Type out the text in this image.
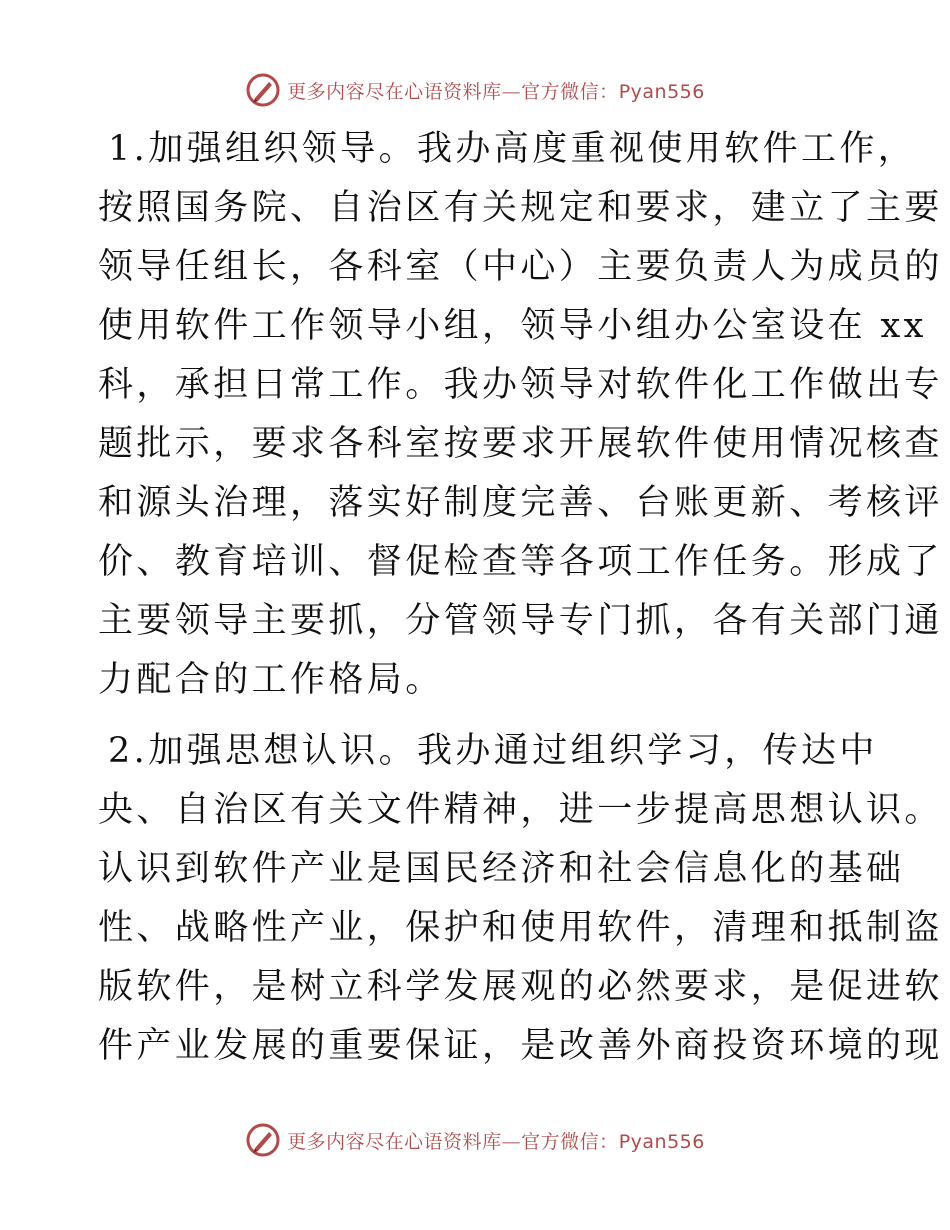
更多内容尽在心语资料库—官方微信：Pyan556
1.加强组织领导。我办高度重视使用软件工作，
按照国务院、自治区有关规定和要求，建立了主要
领导任组长，各科室（中心）主要负责人为成员的
使用软件工作领导小组，领导小组办公室设在 xx
科，承担日常工作。我办领导对软件化工作做出专
题批示，要求各科室按要求开展软件使用情况核查
和源头治理，落实好制度完善、台账更新、考核评
价、教育培训、督促检查等各项工作任务。形成了
主要领导主要抓，分管领导专门抓，各有关部门通
力配合的工作格局。
2.加强思想认识。我办通过组织学习，传达中
央、自治区有关文件精神，进一步提高思想认识。
认识到软件产业是国民经济和社会信息化的基础
性、战略性产业，保护和使用软件，清理和抵制盗
版软件，是树立科学发展观的必然要求，是促进软
件产业发展的重要保证，是改善外商投资环境的现
更多内容尽在心语资料库—官方微信：Pyan556
